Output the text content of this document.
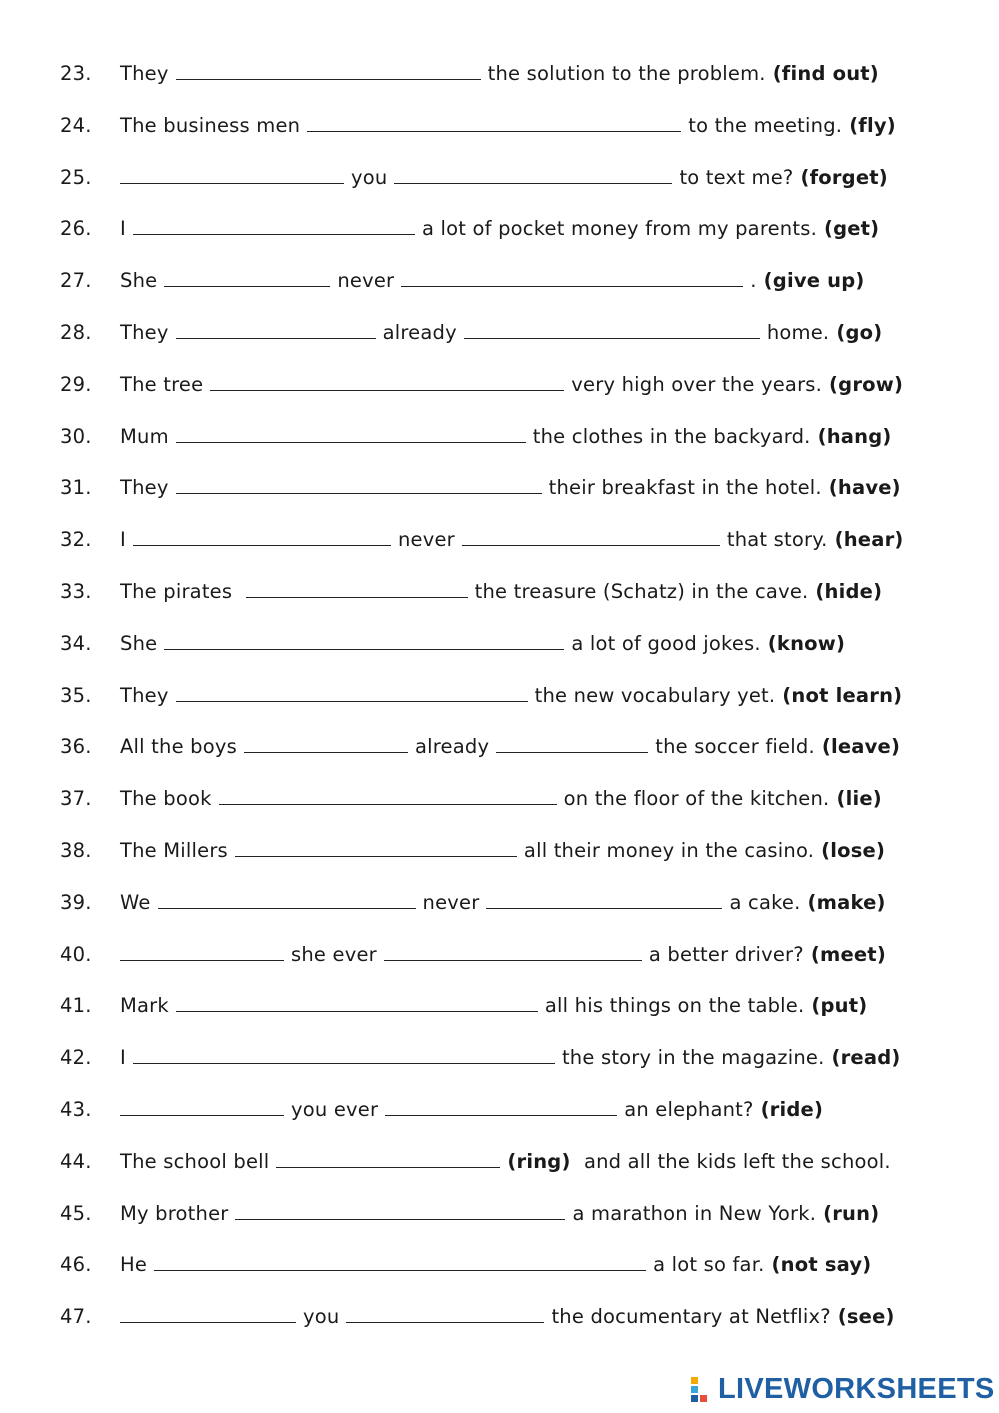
23.	They	the solution to the problem. (find out)
24.	The business men	to the meeting. (fly)
25.	you	to text me? (forget)
26.	I	a lot of pocket money from my parents. (get)
27.	She	never	. (give up)
28.	They	already	home. (go)
29.	The tree	very high over the years. (grow)
30.	Mum	the clothes in the backyard. (hang)
31.	They	their breakfast in the hotel. (have)
32.	I	never	that story. (hear)
33.	The pirates	the treasure (Schatz) in the cave. (hide)
34.	She	a lot of good jokes. (know)
35.	They	the new vocabulary yet. (not learn)
36.	All the boys	already	the soccer field. (leave)
37.	The book	on the floor of the kitchen. (lie)
38.	The Millers	all their money in the casino. (lose)
39.	We	never	a cake. (make)
40.	she ever	a better driver? (meet)
41.	Mark	all his things on the table. (put)
42.	I	the story in the magazine. (read)
43.	you ever	an elephant? (ride)
44.	The school bell	(ring) and all the kids left the school.
45.	My brother	a marathon in New York. (run)
46.	He	a lot so far. (not say)
47.	you	the documentary at Netflix? (see)
LIVEWORKSHEETS
